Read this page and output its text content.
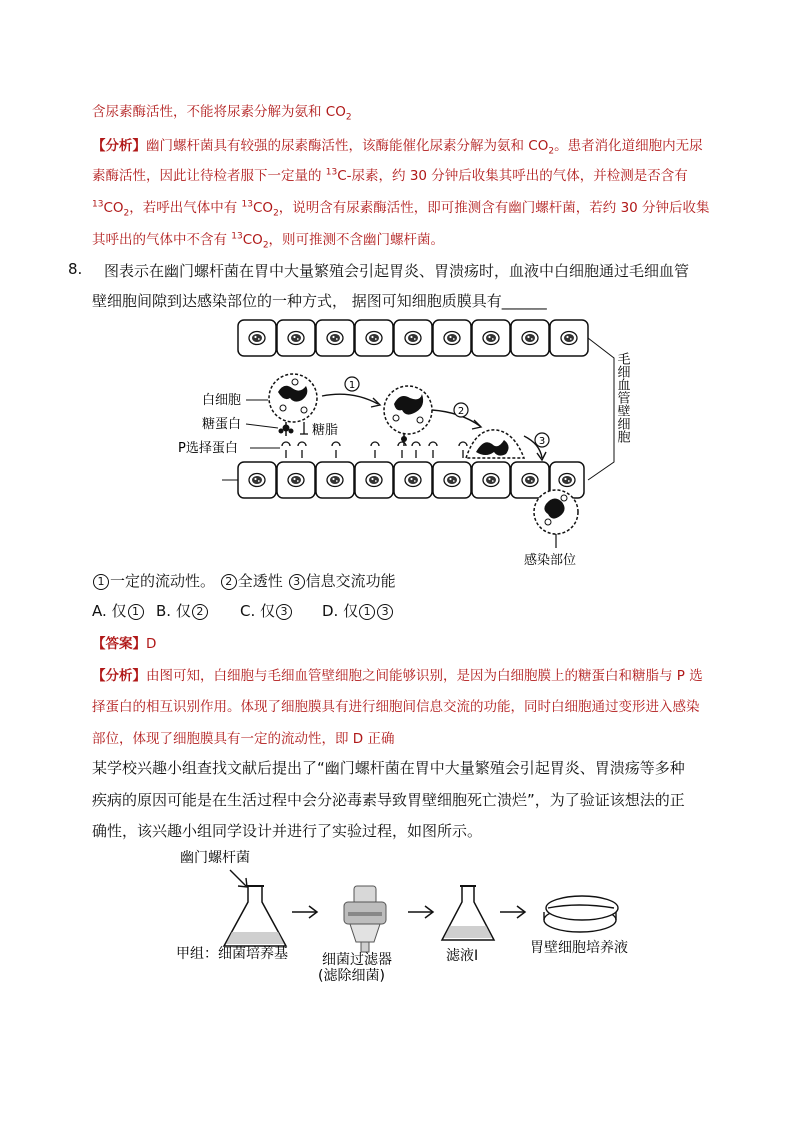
含尿素酶活性，不能将尿素分解为氨和 $CO_2$
【分析】幽门螺杆菌具有较强的尿素酶活性，该酶能催化尿素分解为氨和 $CO_2$。患者消化道细胞内无尿
素酶活性，因此让待检者服下一定量的 $^{13}$C-尿素，约 30 分钟后收集其呼出的气体，并检测是否含有
$^{13}CO_2$，若呼出气体中有 $^{13}CO_2$，说明含有尿素酶活性，即可推测含有幽门螺杆菌，若约 30 分钟后收集
其呼出的气体中不含有 $^{13}CO_2$，则可推测不含幽门螺杆菌。
8. 图表示在幽门螺杆菌在胃中大量繁殖会引起胃炎、胃溃疡时，血液中白细胞通过毛细血管
壁细胞间隙到达感染部位的一种方式， 据图可知细胞质膜具有______
1
2
3
白细胞
糖蛋白	糖脂
P选择蛋白
毛细血管壁细胞
感染部位
1 一定的流动性。 2 全透性 3 信息交流功能
A. 仅 1	B. 仅 2	C. 仅 3	D. 仅 1 3
【答案】D
【分析】由图可知，白细胞与毛细血管壁细胞之间能够识别，是因为白细胞膜上的糖蛋白和糖脂与 P 选
择蛋白的相互识别作用。体现了细胞膜具有进行细胞间信息交流的功能，同时白细胞通过变形进入感染
部位，体现了细胞膜具有一定的流动性，即 D 正确
某学校兴趣小组查找文献后提出了“幽门螺杆菌在胃中大量繁殖会引起胃炎、胃溃疡等多种
疾病的原因可能是在生活过程中会分泌毒素导致胃壁细胞死亡溃烂”，为了验证该想法的正
确性，该兴趣小组同学设计并进行了实验过程，如图所示。
幽门螺杆菌
甲组：细菌培养基 细菌过滤器
(滤除细菌)
滤液I	胃壁细胞培养液
